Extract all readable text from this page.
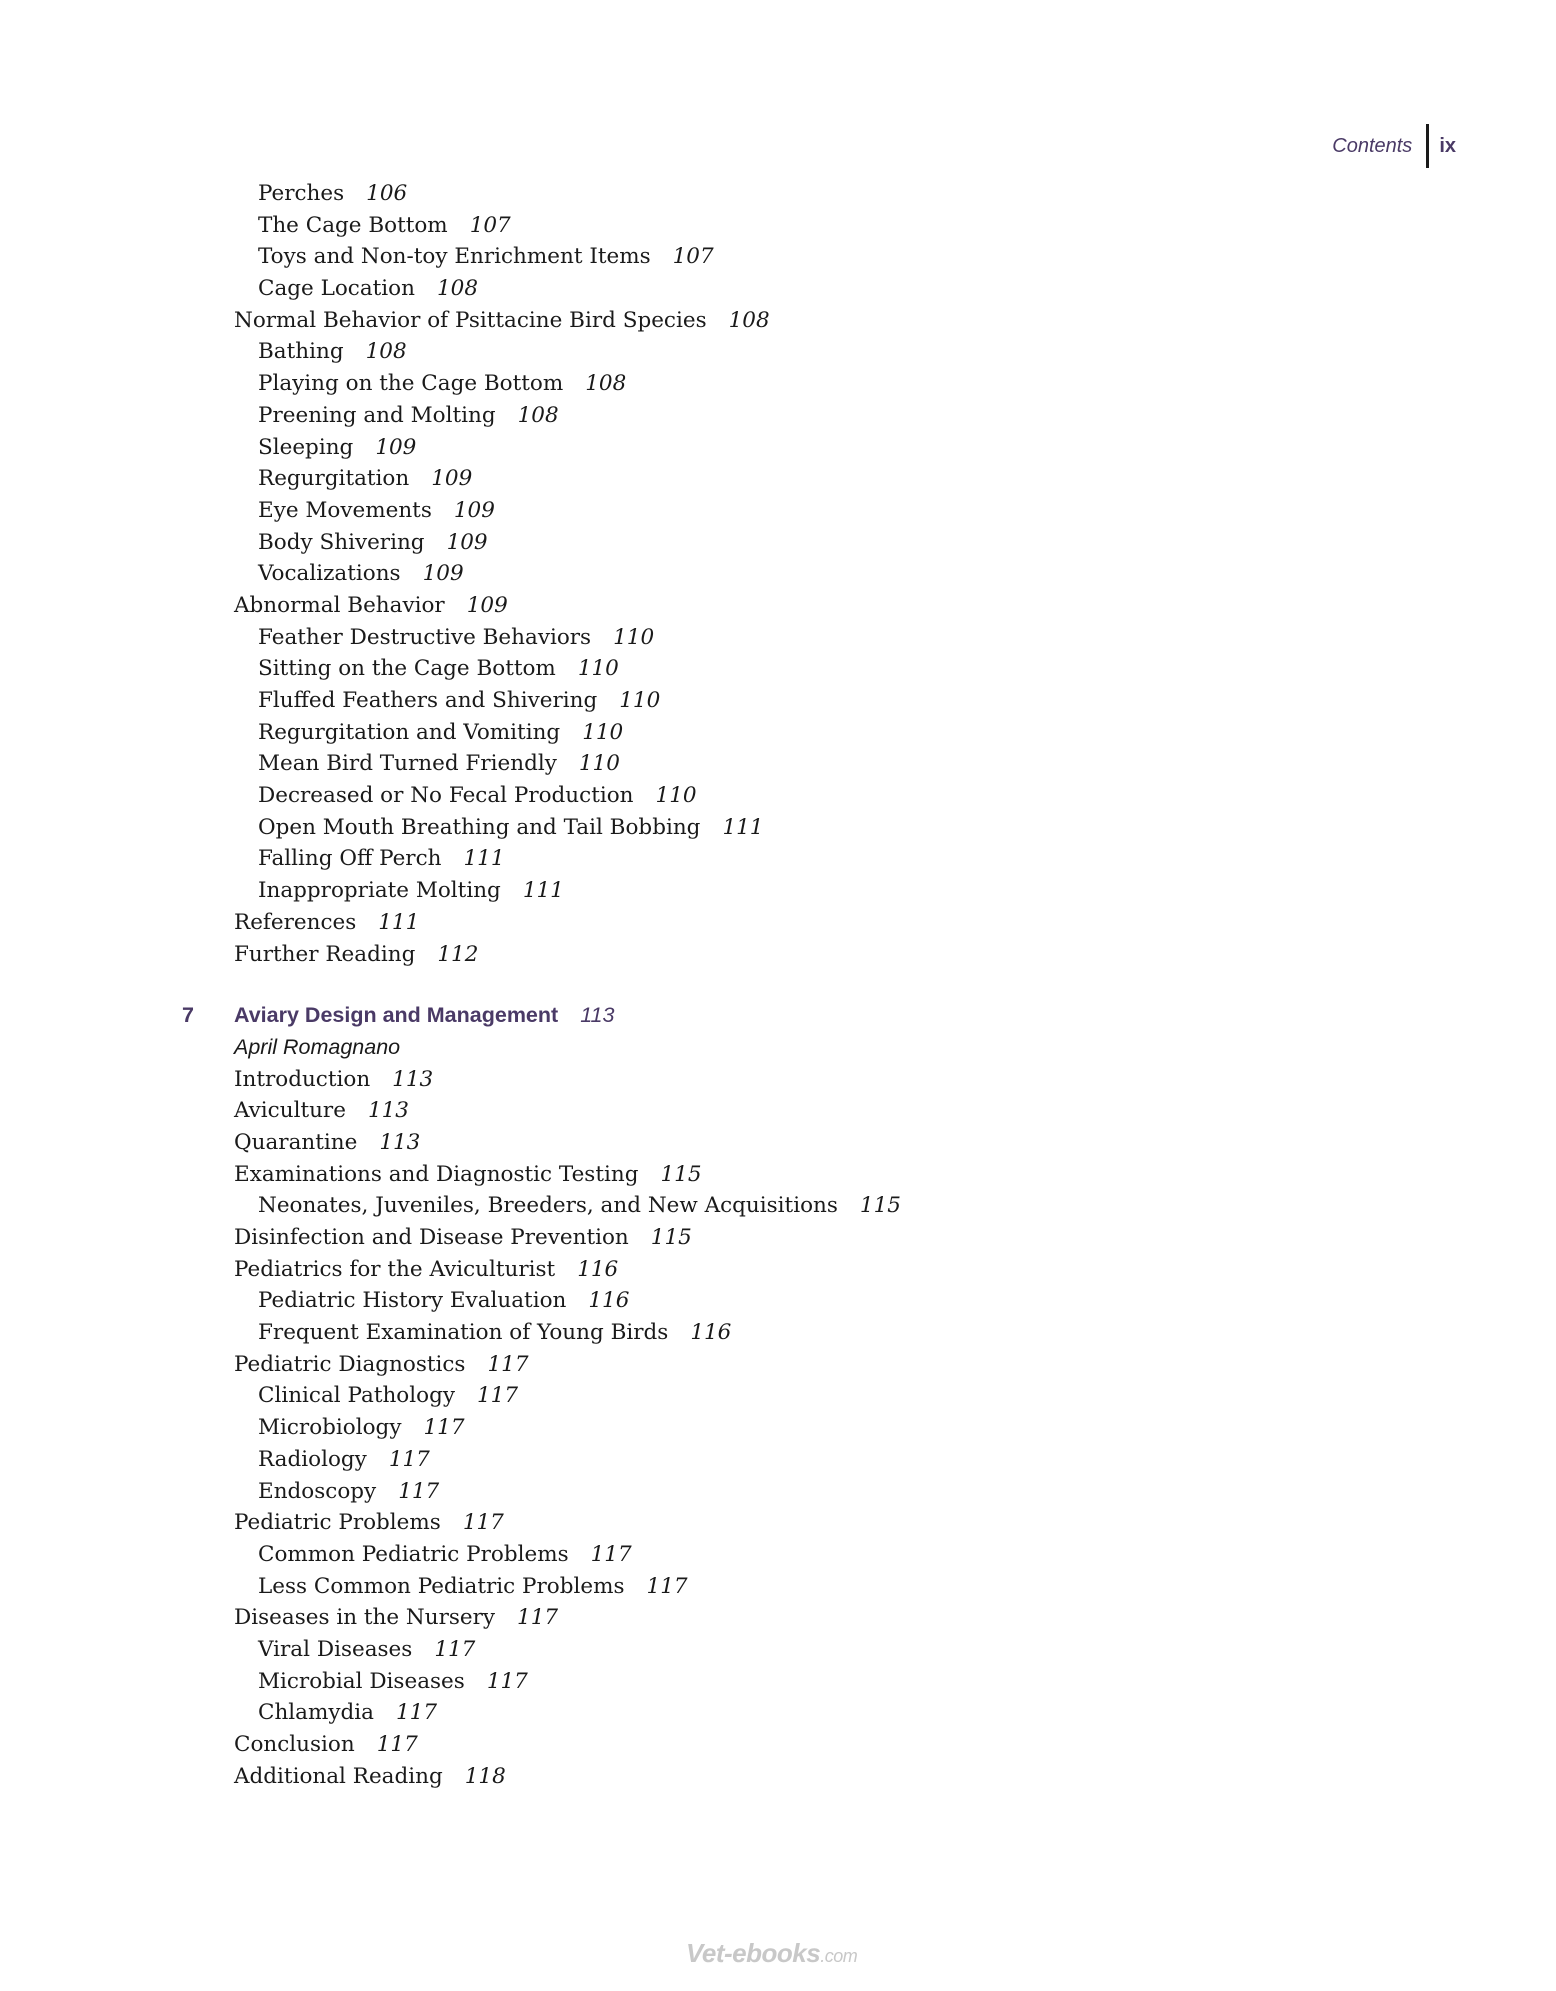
Contents	ix
Perches 106
The Cage Bottom 107
Toys and Non-toy Enrichment Items 107
Cage Location 108
Normal Behavior of Psittacine Bird Species 108
Bathing 108
Playing on the Cage Bottom 108
Preening and Molting 108
Sleeping 109
Regurgitation 109
Eye Movements 109
Body Shivering 109
Vocalizations 109
Abnormal Behavior 109
Feather Destructive Behaviors 110
Sitting on the Cage Bottom 110
Fluffed Feathers and Shivering 110
Regurgitation and Vomiting 110
Mean Bird Turned Friendly 110
Decreased or No Fecal Production 110
Open Mouth Breathing and Tail Bobbing 111
Falling Off Perch 111
Inappropriate Molting 111
References 111
Further Reading 112
7 Aviary Design and Management 113
April Romagnano
Introduction 113
Aviculture 113
Quarantine 113
Examinations and Diagnostic Testing 115
Neonates, Juveniles, Breeders, and New Acquisitions 115
Disinfection and Disease Prevention 115
Pediatrics for the Aviculturist 116
Pediatric History Evaluation 116
Frequent Examination of Young Birds 116
Pediatric Diagnostics 117
Clinical Pathology 117
Microbiology 117
Radiology 117
Endoscopy 117
Pediatric Problems 117
Common Pediatric Problems 117
Less Common Pediatric Problems 117
Diseases in the Nursery 117
Viral Diseases 117
Microbial Diseases 117
Chlamydia 117
Conclusion 117
Additional Reading 118
Vet-ebooks.com
